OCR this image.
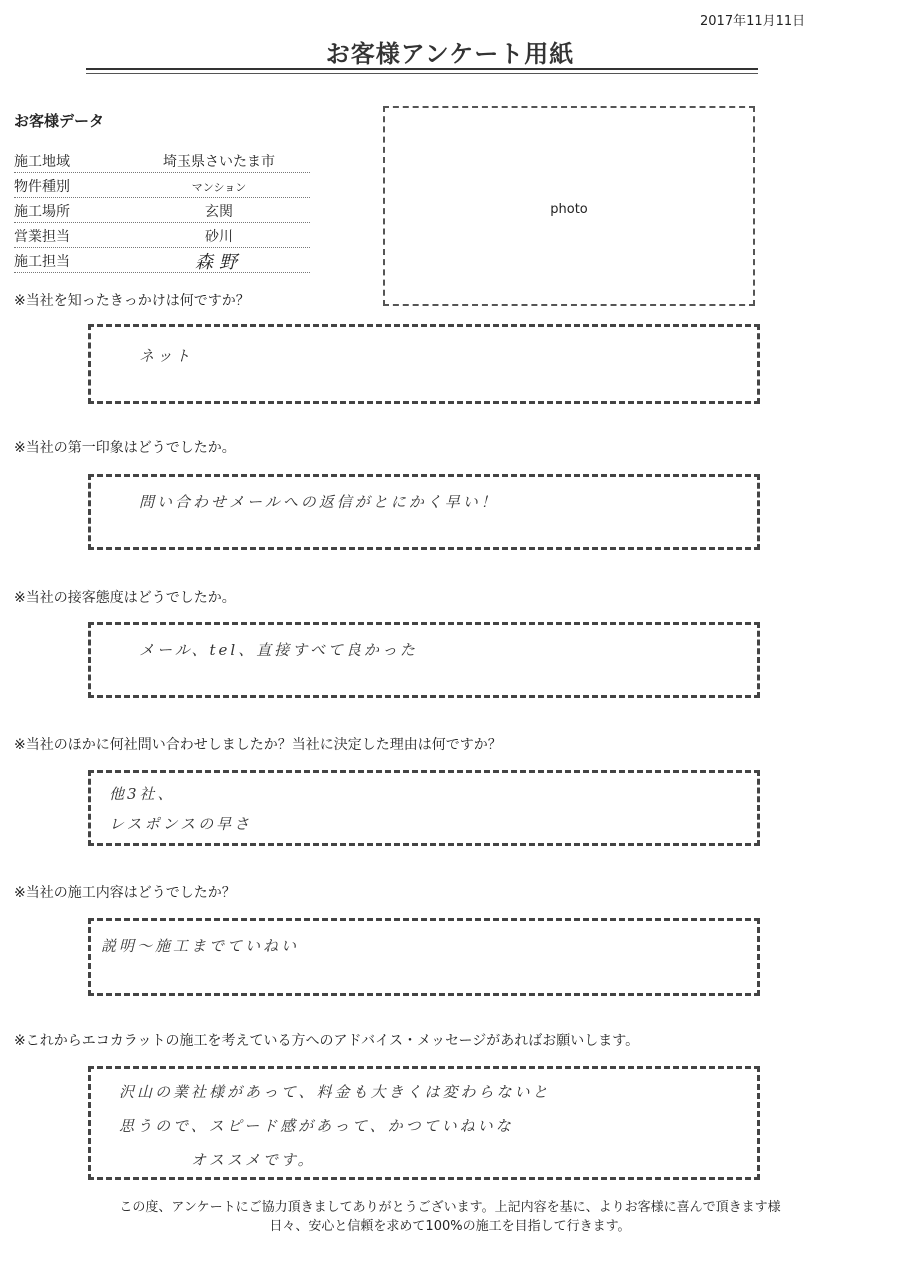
2017年11月11日
お客様アンケート用紙
お客様データ
施工地域	埼玉県さいたま市
物件種別	マンション
施工場所	玄関
営業担当	砂川
施工担当	森野
photo
※当社を知ったきっかけは何ですか？
ネット
※当社の第一印象はどうでしたか。
問い合わせメールへの返信がとにかく早い！
※当社の接客態度はどうでしたか。
メール、tel、直接すべて良かった
※当社のほかに何社問い合わせしましたか？当社に決定した理由は何ですか？
他3社、
レスポンスの早さ
※当社の施工内容はどうでしたか？
説明〜施工までていねい
※これからエコカラットの施工を考えている方へのアドバイス・メッセージがあればお願いします。
沢山の業社様があって、料金も大きくは変わらないと
思うので、スピード感があって、かつていねいな
オススメです。
この度、アンケートにご協力頂きましてありがとうございます。上記内容を基に、よりお客様に喜んで頂きます様
日々、安心と信頼を求めて100%の施工を目指して行きます。
